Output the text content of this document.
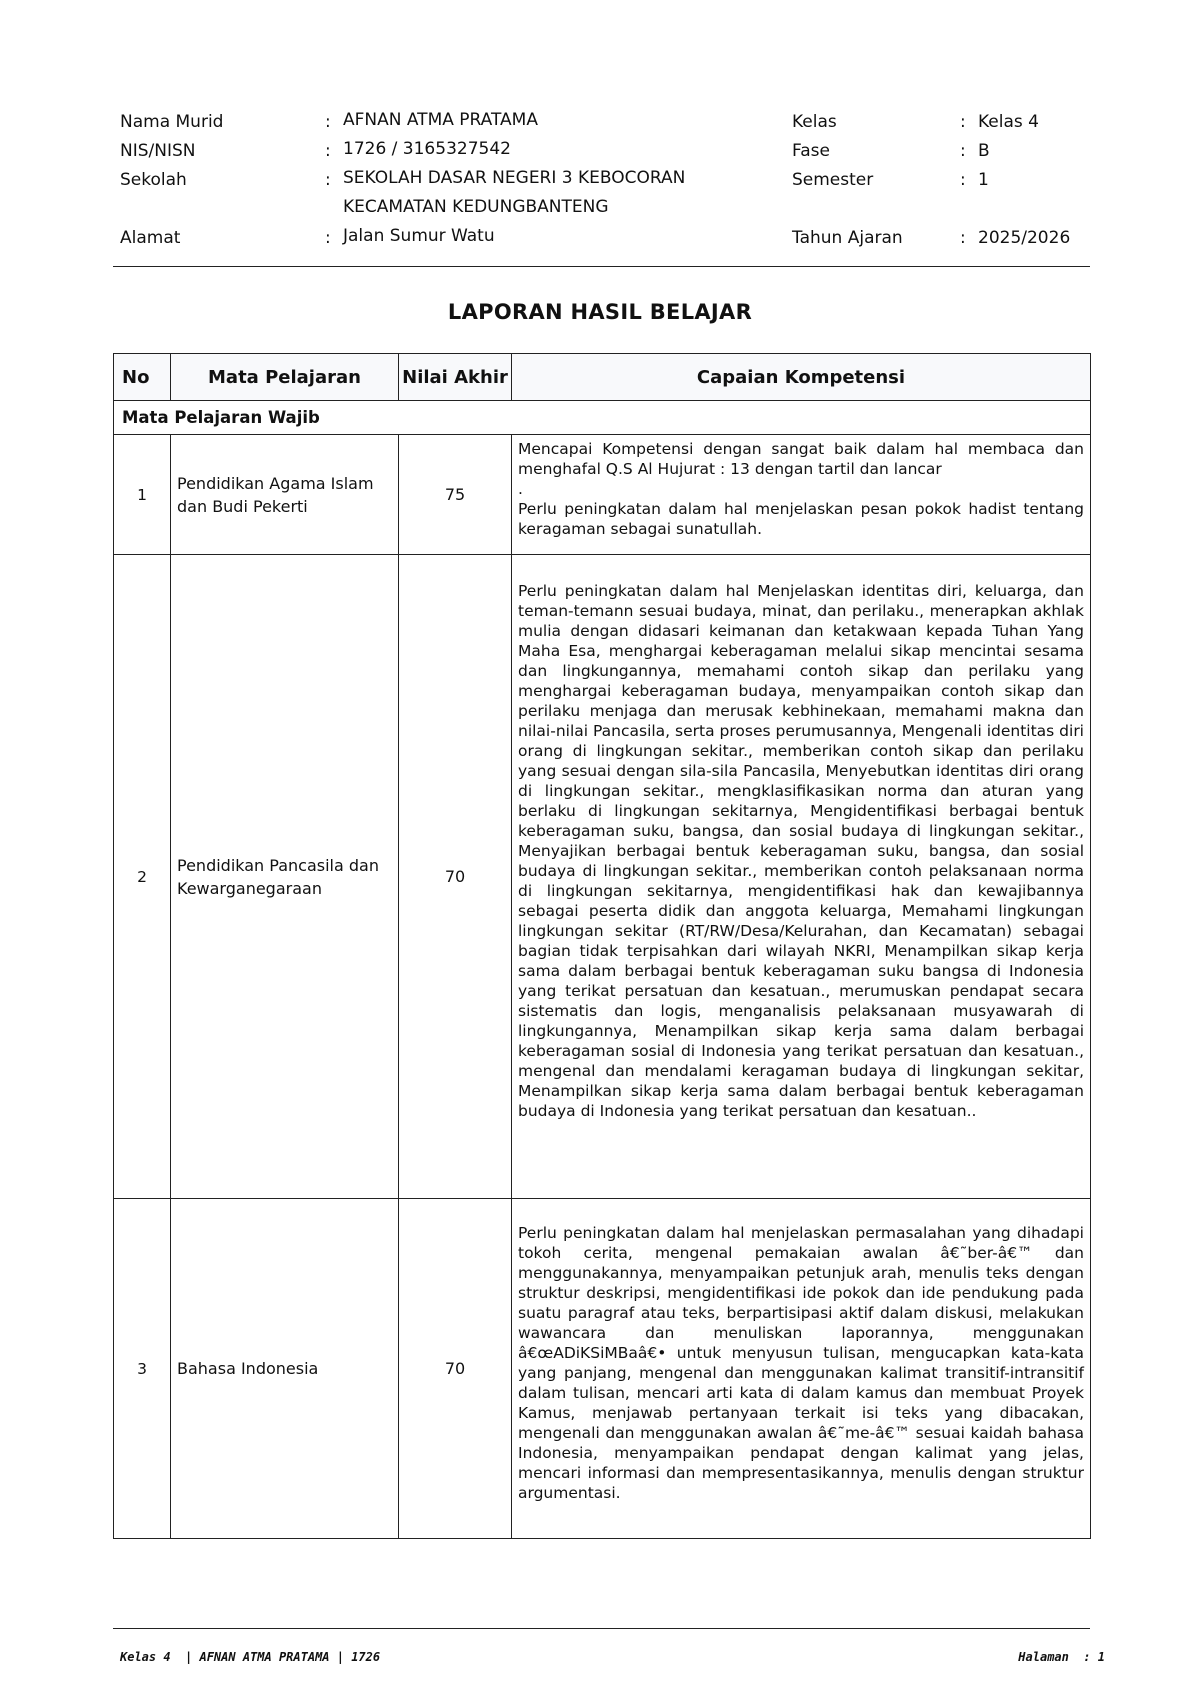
Nama Murid	: AFNAN ATMA PRATAMA	Kelas	: Kelas 4
NIS/NISN	: 1726 / 3165327542	Fase	: B
Sekolah	: SEKOLAH DASAR NEGERI 3 KEBOCORAN
KECAMATAN KEDUNGBANTENG
Semester	: 1
Alamat	: Jalan Sumur Watu	Tahun Ajaran	: 2025/2026
LAPORAN HASIL BELAJAR
No	Mata Pelajaran	Nilai Akhir	Capaian Kompetensi
Mata Pelajaran Wajib			
1	Pendidikan Agama Islam dan Budi Pekerti	75	Mencapai Kompetensi dengan sangat baik dalam hal membaca dan menghafal Q.S Al Hujurat : 13 dengan tartil dan lancar

.

Perlu peningkatan dalam hal menjelaskan pesan pokok hadist tentang keragaman sebagai sunatullah.

2	Pendidikan Pancasila dan Kewarganegaraan	70	Perlu peningkatan dalam hal Menjelaskan identitas diri, keluarga, dan teman-temann sesuai budaya, minat, dan perilaku., menerapkan akhlak mulia dengan didasari keimanan dan ketakwaan kepada Tuhan Yang Maha Esa, menghargai keberagaman melalui sikap mencintai sesama dan lingkungannya, memahami contoh sikap dan perilaku yang menghargai keberagaman budaya, menyampaikan contoh sikap dan perilaku menjaga dan merusak kebhinekaan, memahami makna dan nilai-nilai Pancasila, serta proses perumusannya, Mengenali identitas diri orang di lingkungan sekitar., memberikan contoh sikap dan perilaku yang sesuai dengan sila-sila Pancasila, Menyebutkan identitas diri orang di lingkungan sekitar., mengklasifikasikan norma dan aturan yang berlaku di lingkungan sekitarnya, Mengidentifikasi berbagai bentuk keberagaman suku, bangsa, dan sosial budaya di lingkungan sekitar., Menyajikan berbagai bentuk keberagaman suku, bangsa, dan sosial budaya di lingkungan sekitar., memberikan contoh pelaksanaan norma di lingkungan sekitarnya, mengidentifikasi hak dan kewajibannya sebagai peserta didik dan anggota keluarga, Memahami lingkungan lingkungan sekitar (RT/RW/Desa/Kelurahan, dan Kecamatan) sebagai bagian tidak terpisahkan dari wilayah NKRI, Menampilkan sikap kerja sama dalam berbagai bentuk keberagaman suku bangsa di Indonesia yang terikat persatuan dan kesatuan., merumuskan pendapat secara sistematis dan logis, menganalisis pelaksanaan musyawarah di lingkungannya, Menampilkan sikap kerja sama dalam berbagai keberagaman sosial di Indonesia yang terikat persatuan dan kesatuan., mengenal dan mendalami keragaman budaya di lingkungan sekitar, Menampilkan sikap kerja sama dalam berbagai bentuk keberagaman budaya di Indonesia yang terikat persatuan dan kesatuan..

3	Bahasa Indonesia	70	Perlu peningkatan dalam hal menjelaskan permasalahan yang dihadapi tokoh cerita, mengenal pemakaian awalan â€˜ber-â€™ dan menggunakannya, menyampaikan petunjuk arah, menulis teks dengan struktur deskripsi, mengidentifikasi ide pokok dan ide pendukung pada suatu paragraf atau teks, berpartisipasi aktif dalam diskusi, melakukan wawancara dan menuliskan laporannya, menggunakan â€œADiKSiMBaâ€• untuk menyusun tulisan, mengucapkan kata-kata yang panjang, mengenal dan menggunakan kalimat transitif-intransitif dalam tulisan, mencari arti kata di dalam kamus dan membuat Proyek Kamus, menjawab pertanyaan terkait isi teks yang dibacakan, mengenali dan menggunakan awalan â€˜me-â€™ sesuai kaidah bahasa Indonesia, menyampaikan pendapat dengan kalimat yang jelas, mencari informasi dan mempresentasikannya, menulis dengan struktur argumentasi.

Kelas 4  | AFNAN ATMA PRATAMA | 1726	Halaman  : 1
